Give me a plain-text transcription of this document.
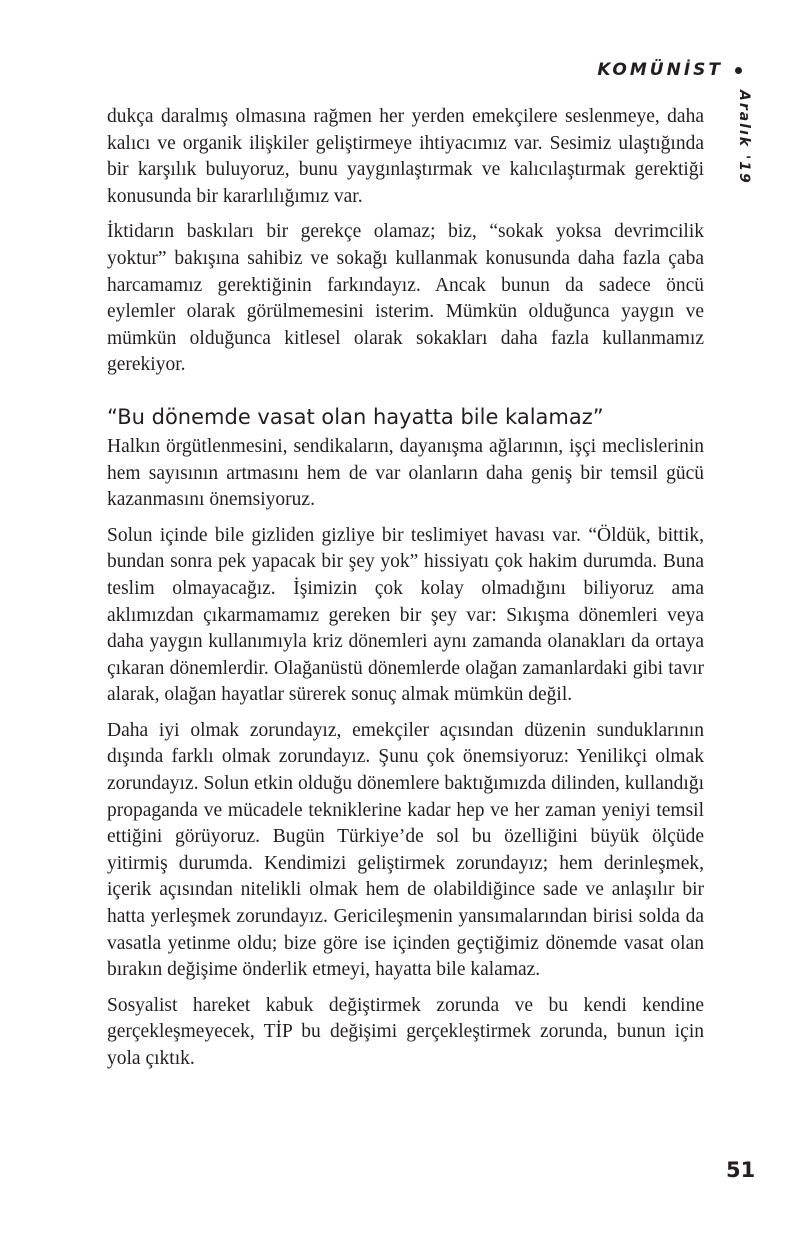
KOMÜNİST
Aralık '19

dukça daralmış olmasına rağmen her yerden emekçilere seslenmeye, daha kalıcı ve organik ilişkiler geliştirmeye ihtiyacımız var. Sesimiz ulaştığında bir karşılık buluyoruz, bunu yaygınlaştırmak ve kalıcılaştırmak gerektiği konusunda bir kararlılığımız var.

İktidarın baskıları bir gerekçe olamaz; biz, “sokak yoksa devrimcilik yoktur” bakışına sahibiz ve sokağı kullanmak konusunda daha fazla çaba harcamamız gerektiğinin farkındayız. Ancak bunun da sadece öncü eylemler olarak görülmemesini isterim. Mümkün olduğunca yaygın ve mümkün olduğunca kitlesel olarak sokakları daha fazla kullanmamız gerekiyor.

“Bu dönemde vasat olan hayatta bile kalamaz”

Halkın örgütlenmesini, sendikaların, dayanışma ağlarının, işçi meclislerinin hem sayısının artmasını hem de var olanların daha geniş bir temsil gücü kazanmasını önemsiyoruz.

Solun içinde bile gizliden gizliye bir teslimiyet havası var. “Öldük, bittik, bundan sonra pek yapacak bir şey yok” hissiyatı çok hakim durumda. Buna teslim olmayacağız. İşimizin çok kolay olmadığını biliyoruz ama aklımızdan çıkarmamamız gereken bir şey var: Sıkışma dönemleri veya daha yaygın kullanımıyla kriz dönemleri aynı zamanda olanakları da ortaya çıkaran dönemlerdir. Olağanüstü dönemlerde olağan zamanlardaki gibi tavır alarak, olağan hayatlar sürerek sonuç almak mümkün değil.

Daha iyi olmak zorundayız, emekçiler açısından düzenin sunduklarının dışında farklı olmak zorundayız. Şunu çok önemsiyoruz: Yenilikçi olmak zorundayız. Solun etkin olduğu dönemlere baktığımızda dilinden, kullandığı propaganda ve mücadele tekniklerine kadar hep ve her zaman yeniyi temsil ettiğini görüyoruz. Bugün Türkiye’de sol bu özelliğini büyük ölçüde yitirmiş durumda. Kendimizi geliştirmek zorundayız; hem derinleşmek, içerik açısından nitelikli olmak hem de olabildiğince sade ve anlaşılır bir hatta yerleşmek zorundayız. Gericileşmenin yansımalarından birisi solda da vasatla yetinme oldu; bize göre ise içinden geçtiğimiz dönemde vasat olan bırakın değişime önderlik etmeyi, hayatta bile kalamaz.

Sosyalist hareket kabuk değiştirmek zorunda ve bu kendi kendine gerçekleşmeyecek, TİP bu değişimi gerçekleştirmek zorunda, bunun için yola çıktık.

51
